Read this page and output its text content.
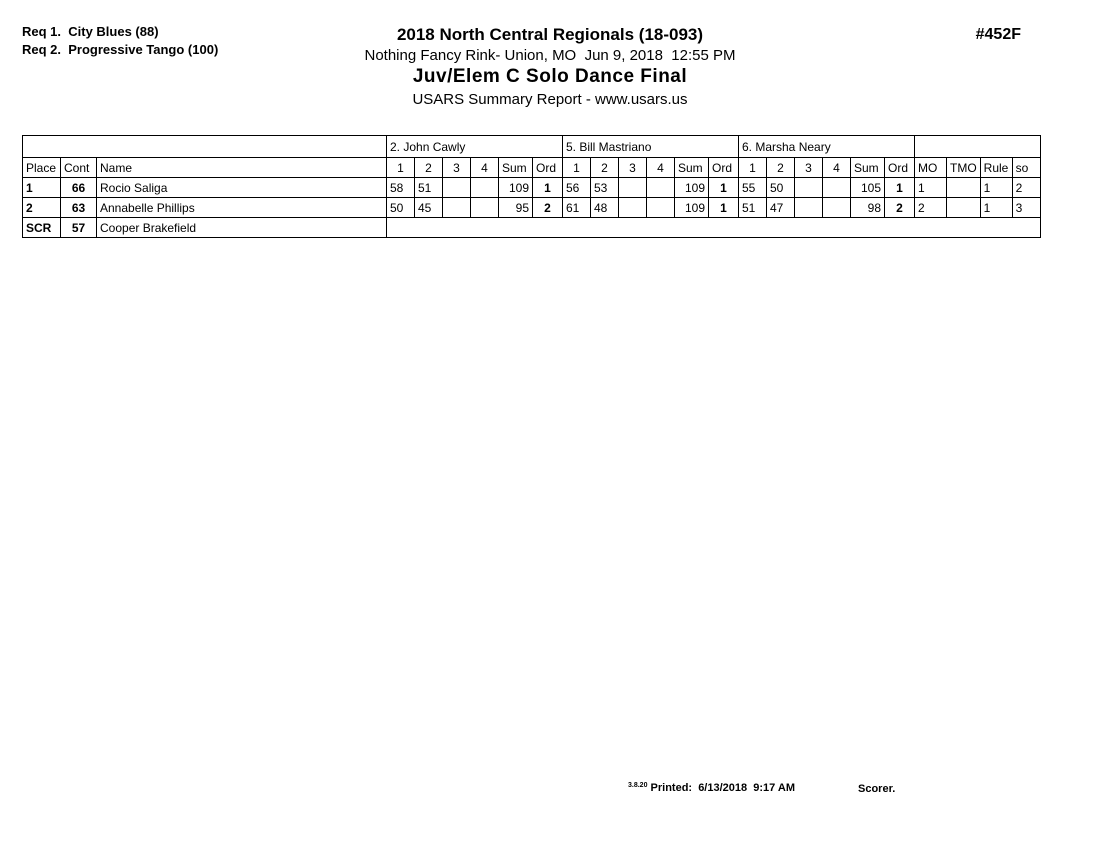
Req 1.  City Blues (88)
Req 2.  Progressive Tango (100)
2018 North Central Regionals (18-093)
Nothing Fancy Rink- Union, MO  Jun 9, 2018  12:55 PM
Juv/Elem C Solo Dance Final
USARS Summary Report - www.usars.us
#452F
			2. John Cawly						5. Bill Mastriano						6. Marsha Neary									
Place	Cont	Name	1	2	3	4	Sum	Ord	1	2	3	4	Sum	Ord	1	2	3	4	Sum	Ord	MO	TMO	Rule	so
1	66	Rocio Saliga	58	51			109	1	56	53			109	1	55	50			105	1	1		1	2
2	63	Annabelle Phillips	50	45			95	2	61	48			109	1	51	47			98	2	2		1	3
SCR	57	Cooper Brakefield																						
$^{3.8.20}$ Printed:  6/13/2018  9:17 AM	Scorer.
